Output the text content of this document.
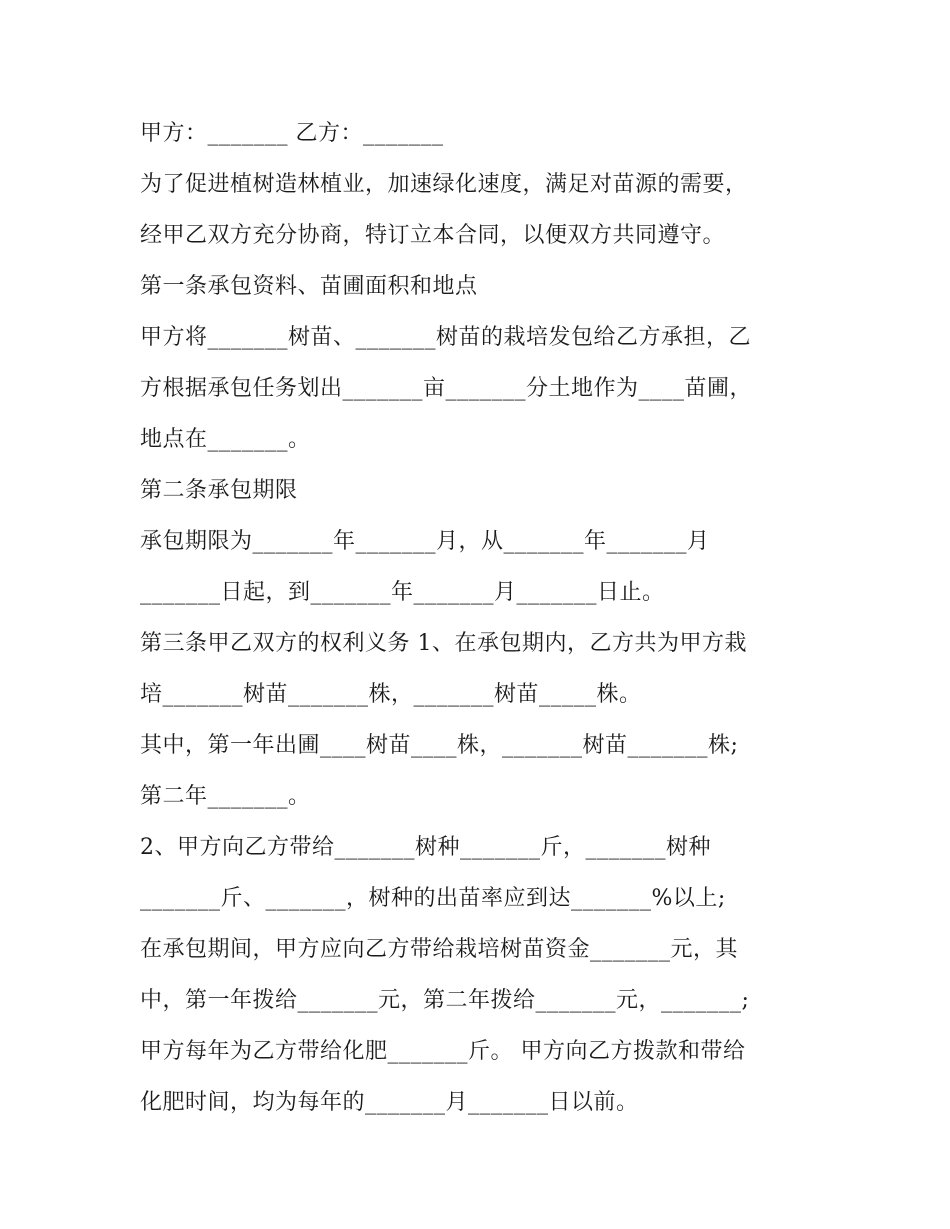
甲方：_______ 乙方：_______
为了促进植树造林植业，加速绿化速度，满足对苗源的需要，
经甲乙双方充分协商，特订立本合同，以便双方共同遵守。
第一条承包资料、苗圃面积和地点
甲方将_______树苗、_______树苗的栽培发包给乙方承担，乙
方根据承包任务划出_______亩_______分土地作为____苗圃，
地点在_______。
第二条承包期限
承包期限为_______年_______月，从_______年_______月
_______日起，到_______年_______月_______日止。
第三条甲乙双方的权利义务 1、在承包期内，乙方共为甲方栽
培_______树苗_______株，_______树苗_____株。
其中，第一年出圃____树苗____株，_______树苗_______株;
第二年_______。
2、甲方向乙方带给_______树种_______斤，_______树种
_______斤、_______，树种的出苗率应到达_______%以上;
在承包期间，甲方应向乙方带给栽培树苗资金_______元，其
中，第一年拨给_______元，第二年拨给_______元，_______;
甲方每年为乙方带给化肥_______斤。 甲方向乙方拨款和带给
化肥时间，均为每年的_______月_______日以前。
